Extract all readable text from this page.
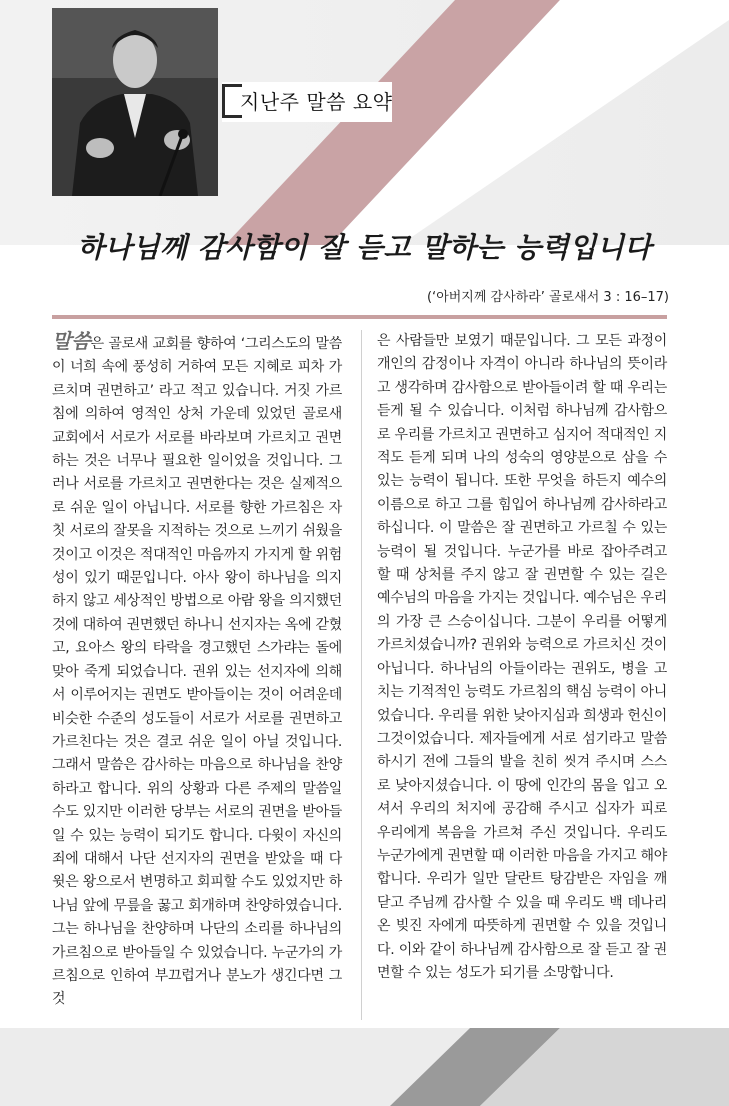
지난주 말씀 요약
하나님께 감사함이 잘 듣고 말하는 능력입니다
(‘아버지께 감사하라’ 골로새서 3 : 16–17)
말씀은 골로새 교회를 향하여 ‘그리스도의 말씀이 너희 속에 풍성히 거하여 모든 지혜로 피차 가르치며 권면하고’ 라고 적고 있습니다. 거짓 가르침에 의하여 영적인 상처 가운데 있었던 골로새 교회에서 서로가 서로를 바라보며 가르치고 권면하는 것은 너무나 필요한 일이었을 것입니다. 그러나 서로를 가르치고 권면한다는 것은 실제적으로 쉬운 일이 아닙니다. 서로를 향한 가르침은 자칫 서로의 잘못을 지적하는 것으로 느끼기 쉬웠을 것이고 이것은 적대적인 마음까지 가지게 할 위험성이 있기 때문입니다. 아사 왕이 하나님을 의지하지 않고 세상적인 방법으로 아람 왕을 의지했던 것에 대하여 권면했던 하나니 선지자는 옥에 갇혔고, 요아스 왕의 타락을 경고했던 스가랴는 돌에 맞아 죽게 되었습니다. 권위 있는 선지자에 의해서 이루어지는 권면도 받아들이는 것이 어려운데 비슷한 수준의 성도들이 서로가 서로를 권면하고 가르친다는 것은 결코 쉬운 일이 아닐 것입니다. 그래서 말씀은 감사하는 마음으로 하나님을 찬양하라고 합니다. 위의 상황과 다른 주제의 말씀일 수도 있지만 이러한 당부는 서로의 권면을 받아들일 수 있는 능력이 되기도 합니다. 다윗이 자신의 죄에 대해서 나단 선지자의 권면을 받았을 때 다윗은 왕으로서 변명하고 회피할 수도 있었지만 하나님 앞에 무릎을 꿇고 회개하며 찬양하였습니다. 그는 하나님을 찬양하며 나단의 소리를 하나님의 가르침으로 받아들일 수 있었습니다. 누군가의 가르침으로 인하여 부끄럽거나 분노가 생긴다면 그것
은 사람들만 보였기 때문입니다. 그 모든 과정이 개인의 감정이나 자격이 아니라 하나님의 뜻이라고 생각하며 감사함으로 받아들이려 할 때 우리는 듣게 될 수 있습니다. 이처럼 하나님께 감사함으로 우리를 가르치고 권면하고 심지어 적대적인 지적도 듣게 되며 나의 성숙의 영양분으로 삼을 수 있는 능력이 됩니다. 또한 무엇을 하든지 예수의 이름으로 하고 그를 힘입어 하나님께 감사하라고 하십니다. 이 말씀은 잘 권면하고 가르칠 수 있는 능력이 될 것입니다. 누군가를 바로 잡아주려고 할 때 상처를 주지 않고 잘 권면할 수 있는 길은 예수님의 마음을 가지는 것입니다. 예수님은 우리의 가장 큰 스승이십니다. 그분이 우리를 어떻게 가르치셨습니까? 권위와 능력으로 가르치신 것이 아닙니다. 하나님의 아들이라는 권위도, 병을 고치는 기적적인 능력도 가르침의 핵심 능력이 아니었습니다. 우리를 위한 낮아지심과 희생과 헌신이 그것이었습니다. 제자들에게 서로 섬기라고 말씀하시기 전에 그들의 발을 친히 씻겨 주시며 스스로 낮아지셨습니다. 이 땅에 인간의 몸을 입고 오셔서 우리의 처지에 공감해 주시고 십자가 피로 우리에게 복음을 가르쳐 주신 것입니다. 우리도 누군가에게 권면할 때 이러한 마음을 가지고 해야 합니다. 우리가 일만 달란트 탕감받은 자임을 깨닫고 주님께 감사할 수 있을 때 우리도 백 데나리온 빚진 자에게 따뜻하게 권면할 수 있을 것입니다. 이와 같이 하나님께 감사함으로 잘 듣고 잘 권면할 수 있는 성도가 되기를 소망합니다.
